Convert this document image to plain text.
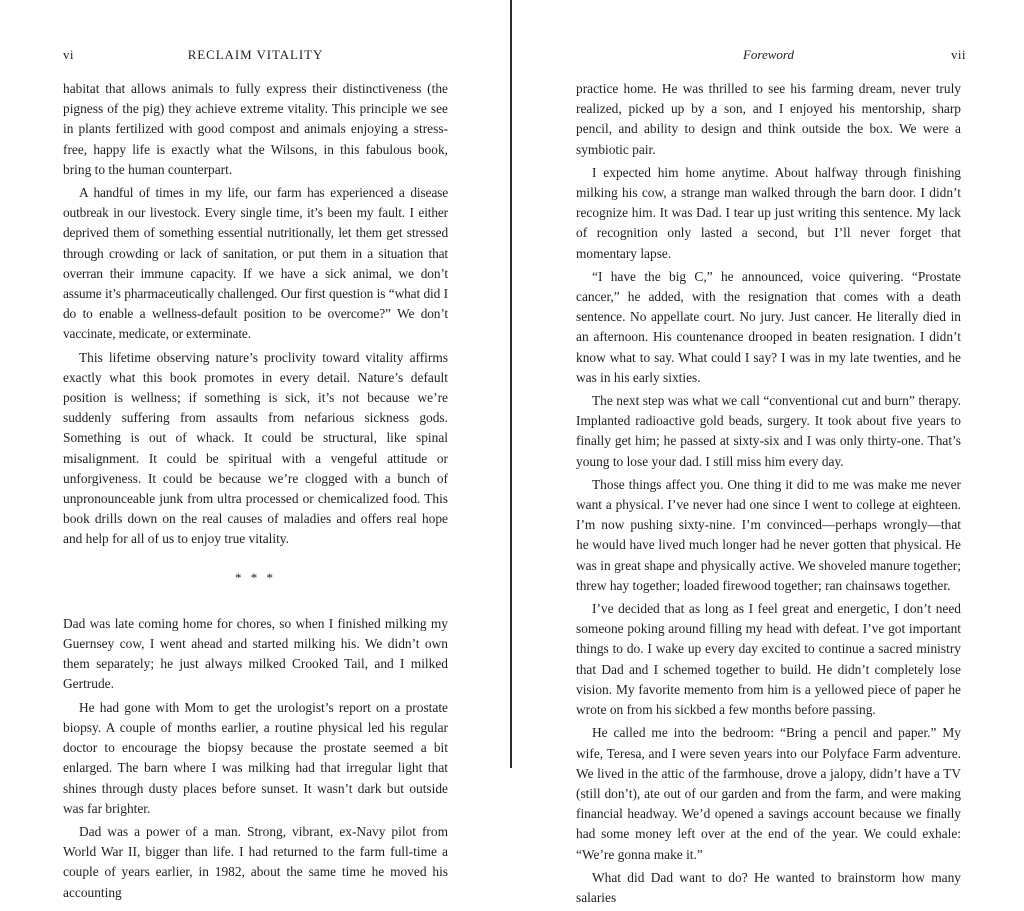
vi	RECLAIM VITALITY

habitat that allows animals to fully express their distinctiveness (the pigness of the pig) they achieve extreme vitality. This principle we see in plants fertilized with good compost and animals enjoying a stress-free, happy life is exactly what the Wilsons, in this fabulous book, bring to the human counterpart.

A handful of times in my life, our farm has experienced a disease outbreak in our livestock. Every single time, it’s been my fault. I either deprived them of something essential nutritionally, let them get stressed through crowding or lack of sanitation, or put them in a situation that overran their immune capacity. If we have a sick animal, we don’t assume it’s pharmaceutically challenged. Our first question is “what did I do to enable a wellness-default position to be overcome?” We don’t vaccinate, medicate, or exterminate.

This lifetime observing nature’s proclivity toward vitality affirms exactly what this book promotes in every detail. Nature’s default position is wellness; if something is sick, it’s not because we’re suddenly suffering from assaults from nefarious sickness gods. Something is out of whack. It could be structural, like spinal misalignment. It could be spiritual with a vengeful attitude or unforgiveness. It could be because we’re clogged with a bunch of unpronounceable junk from ultra processed or chemicalized food. This book drills down on the real causes of maladies and offers real hope and help for all of us to enjoy true vitality.

* * *

Dad was late coming home for chores, so when I finished milking my Guernsey cow, I went ahead and started milking his. We didn’t own them separately; he just always milked Crooked Tail, and I milked Gertrude.

He had gone with Mom to get the urologist’s report on a prostate biopsy. A couple of months earlier, a routine physical led his regular doctor to encourage the biopsy because the prostate seemed a bit enlarged. The barn where I was milking had that irregular light that shines through dusty places before sunset. It wasn’t dark but outside was far brighter.

Dad was a power of a man. Strong, vibrant, ex-Navy pilot from World War II, bigger than life. I had returned to the farm full-time a couple of years earlier, in 1982, about the same time he moved his accounting

Foreword	vii

practice home. He was thrilled to see his farming dream, never truly realized, picked up by a son, and I enjoyed his mentorship, sharp pencil, and ability to design and think outside the box. We were a symbiotic pair.

I expected him home anytime. About halfway through finishing milking his cow, a strange man walked through the barn door. I didn’t recognize him. It was Dad. I tear up just writing this sentence. My lack of recognition only lasted a second, but I’ll never forget that momentary lapse.

“I have the big C,” he announced, voice quivering. “Prostate cancer,” he added, with the resignation that comes with a death sentence. No appellate court. No jury. Just cancer. He literally died in an afternoon. His countenance drooped in beaten resignation. I didn’t know what to say. What could I say? I was in my late twenties, and he was in his early sixties.

The next step was what we call “conventional cut and burn” therapy. Implanted radioactive gold beads, surgery. It took about five years to finally get him; he passed at sixty-six and I was only thirty-one. That’s young to lose your dad. I still miss him every day.

Those things affect you. One thing it did to me was make me never want a physical. I’ve never had one since I went to college at eighteen. I’m now pushing sixty-nine. I’m convinced—perhaps wrongly—that he would have lived much longer had he never gotten that physical. He was in great shape and physically active. We shoveled manure together; threw hay together; loaded firewood together; ran chainsaws together.

I’ve decided that as long as I feel great and energetic, I don’t need someone poking around filling my head with defeat. I’ve got important things to do. I wake up every day excited to continue a sacred ministry that Dad and I schemed together to build. He didn’t completely lose vision. My favorite memento from him is a yellowed piece of paper he wrote on from his sickbed a few months before passing.

He called me into the bedroom: “Bring a pencil and paper.” My wife, Teresa, and I were seven years into our Polyface Farm adventure. We lived in the attic of the farmhouse, drove a jalopy, didn’t have a TV (still don’t), ate out of our garden and from the farm, and were making financial headway. We’d opened a savings account because we finally had some money left over at the end of the year. We could exhale: “We’re gonna make it.”

What did Dad want to do? He wanted to brainstorm how many salaries
